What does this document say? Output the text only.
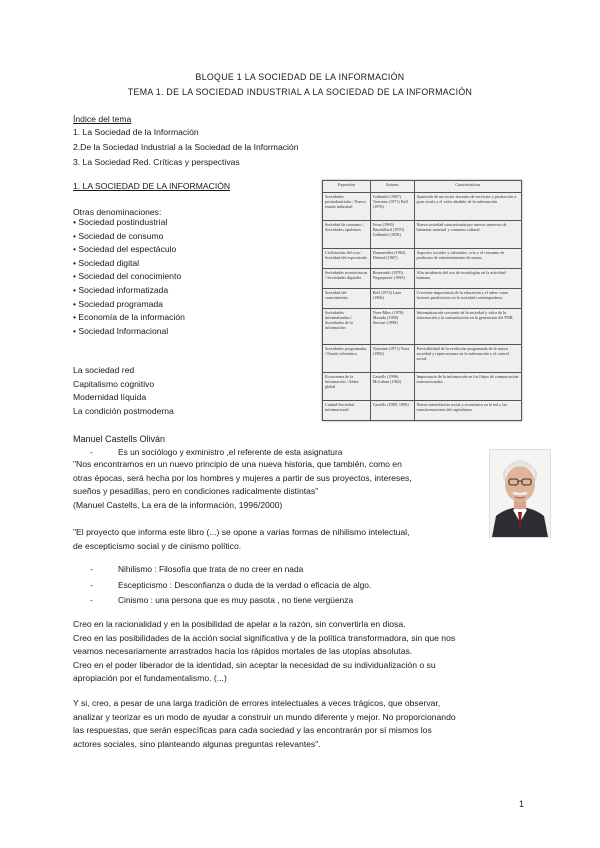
BLOQUE 1 LA SOCIEDAD DE LA INFORMACIÓN
TEMA 1. DE LA SOCIEDAD INDUSTRIAL A LA SOCIEDAD DE LA INFORMACIÓN
Índice del tema
1. La Sociedad de la Información
2.De la Sociedad Industrial a la Sociedad de la Información
3. La Sociedad Red. Críticas y perspectivas
1. LA SOCIEDAD DE LA INFORMACIÓN
Otras denominaciones:
• Sociedad postindustrial
• Sociedad de consumo
• Sociedad del espectáculo
• Sociedad digital
• Sociedad del conocimiento
• Sociedad informatizada
• Sociedad programada
• Economía de la información
• Sociedad Informacional
La sociedad red
Capitalismo cognitivo
Modernidad líquida
La condición postmoderna
Expresión	Autores	Características
Sociedades postindustriales / Nuevo estado industrial	Galbraith (1967) Touraine (1971) Bell (1976)	Aparición de un sector terciario de servicios y producción a gran escala y el valor añadido de la información.
Sociedad de consumo / Sociedades opulentas	Jesus (1969) Baudrillard (1970) Galbraith (1958)	Nueva sociedad caracterizada por nuevos intereses de bienestar material y consumo cultural.
Civilización del ocio / Sociedad del espectáculo	Dumazedier (1962) Debord (1967)	Aspectos sociales y culturales, ocio y el consumo de productos de entretenimiento de masas.
Sociedades tecnotrónicas / Sociedades digitales	Brzezinski (1970) Negroponte (1995)	Alta incidencia del uso de tecnologías en la actividad humana.
Sociedad del conocimiento	Bell (1973) Lane (1966)	Creciente importancia de la educación y el saber como factores productivos en la sociedad contemporánea.
Sociedades informatizadas / Sociedades de la información	Nora-Minc (1978) Masuda (1980) Stewart (1998)	Informatización creciente de la sociedad y valor de la información y la comunicación en la generación del PNB.
Sociedades programadas / Estado telemático	Touraine (1971) Nora (1982)	Previsibilidad de la evolución programada de la nueva sociedad y repercusiones en la información y el control social.
Ecosistema de la información / Aldea global	Castells (1996) McLuhan (1962)	Importancia de la información en los flujos de comunicación transnacionales.
Ciudad-Sociedad informacional	Castells (1989, 1996)	Nueva interrelación social y económica en la red y las transformaciones del capitalismo.
Manuel Castells Oliván
-	Es un sociólogo y exministro ,el referente de esta asignatura
"Nos encontramos en un nuevo principio de una nueva historia, que también, como en
otras épocas, será hecha por los hombres y mujeres a partir de sus proyectos, intereses,
sueños y pesadillas, pero en condiciones radicalmente distintas"
(Manuel Castells, La era de la información, 1996/2000)
"El proyecto que informa este libro (...) se opone a varias formas de nihilismo intelectual,
de escepticismo social y de cinismo político.
-	Nihilismo : Filosofía que trata de no creer en nada
-	Escepticismo : Desconfianza o duda de la verdad o eficacia de algo.
-	Cinismo : una persona que es muy pasota , no tiene vergüenza
Creo en la racionalidad y en la posibilidad de apelar a la razón, sin convertirla en diosa.
Creo en las posibilidades de la acción social significativa y de la política transformadora, sin que nos
veamos necesariamente arrastrados hacia los rápidos mortales de las utopías absolutas.
Creo en el poder liberador de la identidad, sin aceptar la necesidad de su individualización o su
apropiación por el fundamentalismo. (...)
Y si, creo, a pesar de una larga tradición de errores intelectuales a veces trágicos, que observar,
analizar y teorizar es un modo de ayudar a construir un mundo diferente y mejor. No proporcionando
las respuestas, que serán específicas para cada sociedad y las encontrarán por sí mismos los
actores sociales, sino planteando algunas preguntas relevantes".
1
